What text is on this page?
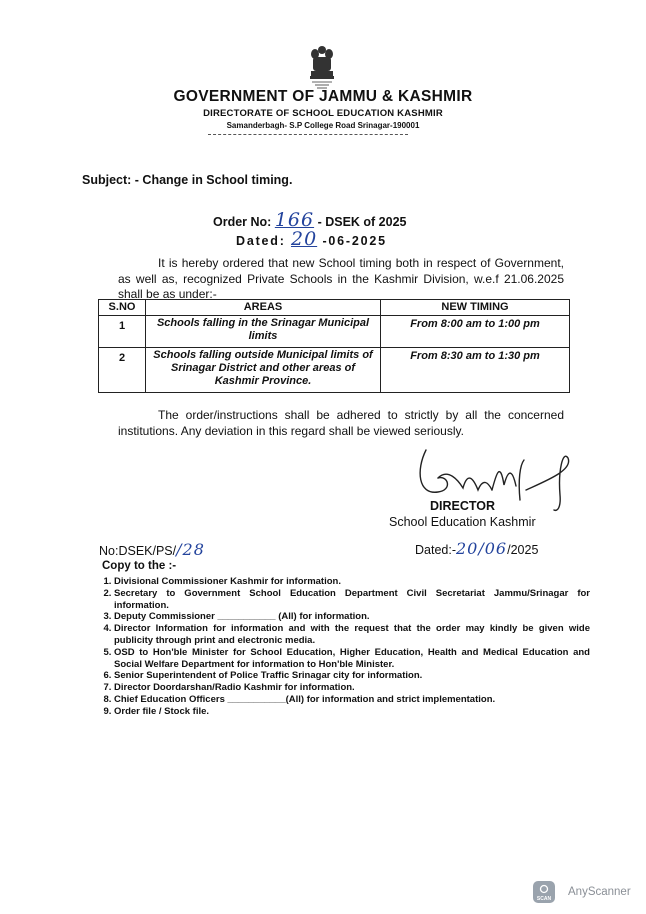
GOVERNMENT OF JAMMU & KASHMIR
DIRECTORATE OF SCHOOL EDUCATION KASHMIR
Samanderbagh- S.P College Road Srinagar-190001
Subject: - Change in School timing.
Order No: 166 - DSEK of 2025
Dated: 20 -06-2025
It is hereby ordered that new School timing both in respect of Government, as well as, recognized Private Schools in the Kashmir Division, w.e.f 21.06.2025 shall be as under:-
S.NO	AREAS	NEW TIMING
1	Schools falling in the Srinagar Municipal limits	From 8:00 am to 1:00 pm
2	Schools falling outside Municipal limits of Srinagar District and other areas of Kashmir Province.	From 8:30 am to 1:30 pm
The order/instructions shall be adhered to strictly by all the concerned institutions. Any deviation in this regard shall be viewed seriously.
DIRECTOR
School Education Kashmir
No:DSEK/PS//28	Dated:-20/06/2025
Copy to the :-
1. Divisional Commissioner Kashmir for information.
2. Secretary to Government School Education Department Civil Secretariat Jammu/Srinagar for information.
3. Deputy Commissioner ___________ (All) for information.
4. Director Information for information and with the request that the order may kindly be given wide publicity through print and electronic media.
5. OSD to Hon'ble Minister for School Education, Higher Education, Health and Medical Education and Social Welfare Department for information to Hon'ble Minister.
6. Senior Superintendent of Police Traffic Srinagar city for information.
7. Director Doordarshan/Radio Kashmir for information.
8. Chief Education Officers ___________(All) for information and strict implementation.
9. Order file / Stock file.
SCAN
AnyScanner
